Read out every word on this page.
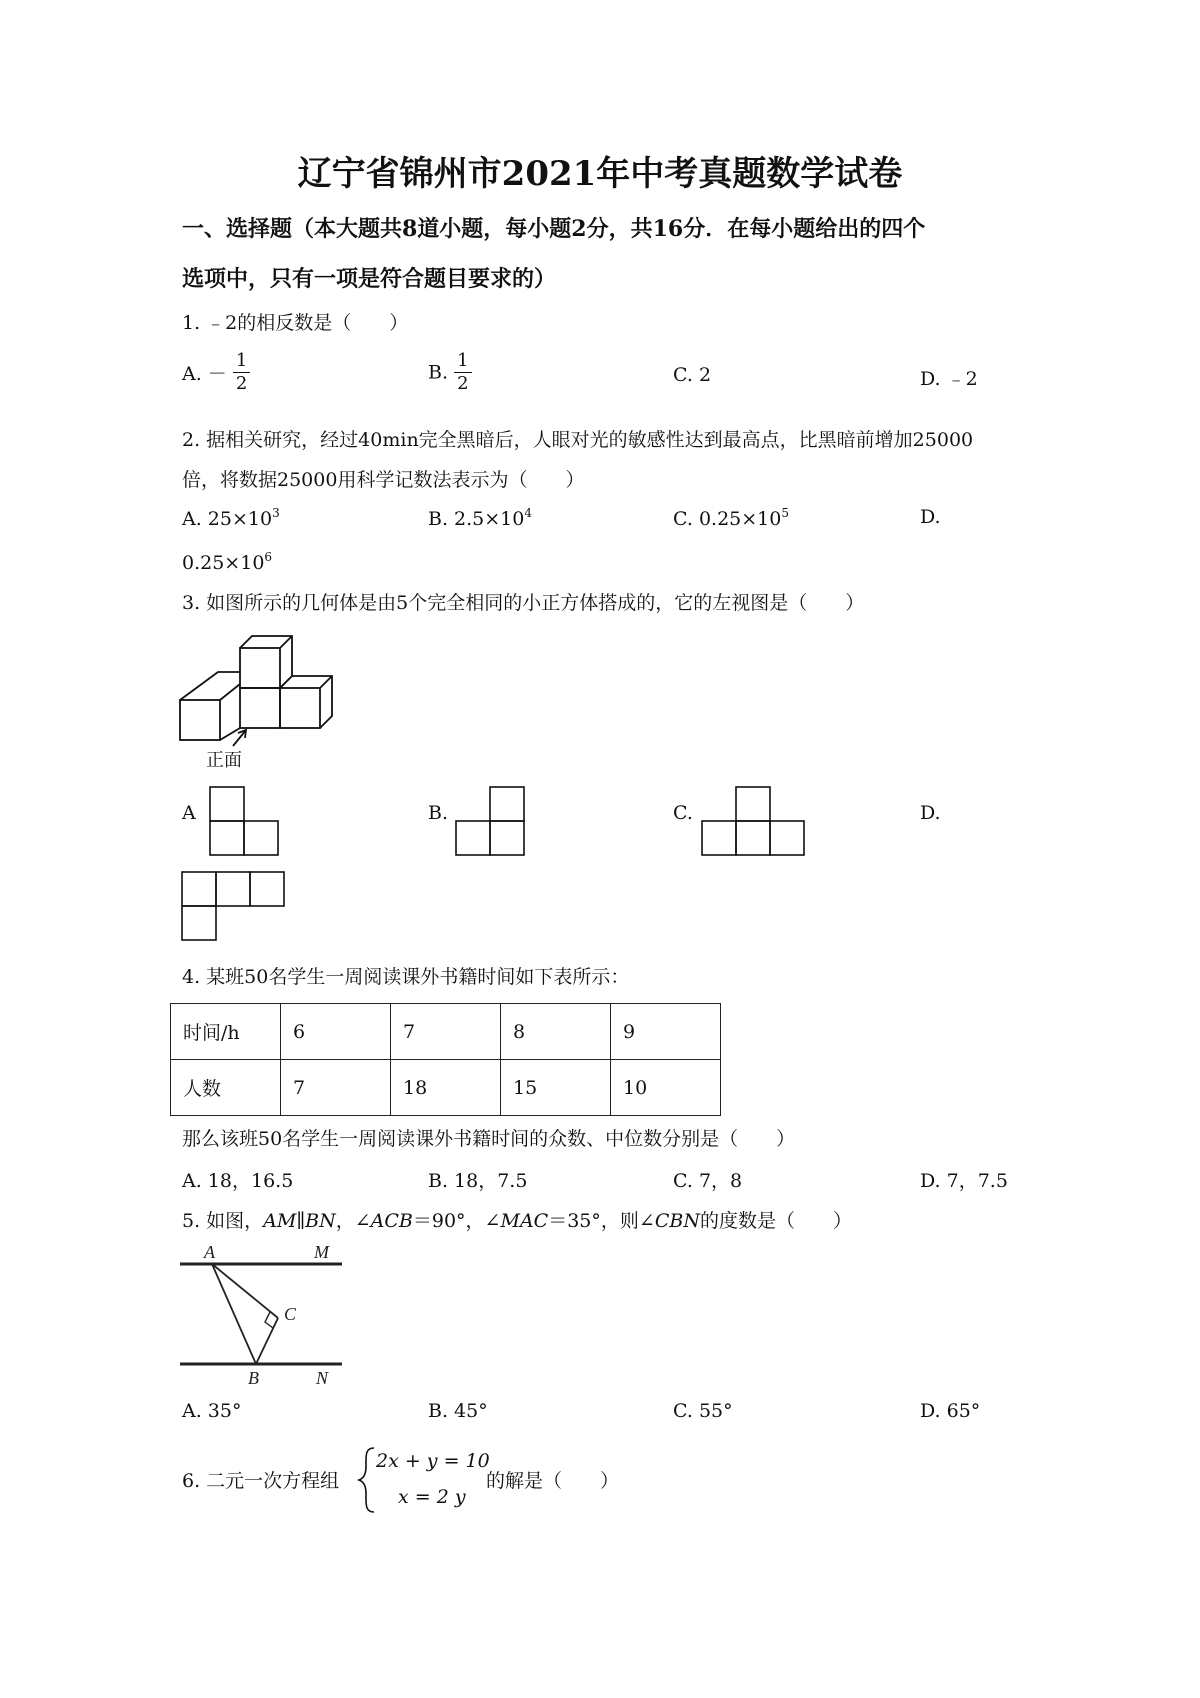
辽宁省锦州市2021年中考真题数学试卷
一、选择题（本大题共8道小题，每小题2分，共16分．在每小题给出的四个
选项中，只有一项是符合题目要求的）
1. ﹣2的相反数是（　　）
A. － $\frac{1}{2}$	B. $\frac{1}{2}$	C. 2	D. ﹣2
2. 据相关研究，经过40min完全黑暗后，人眼对光的敏感性达到最高点，比黑暗前增加25000
倍，将数据25000用科学记数法表示为（　　）
A. $25\times 10^3$	B. $2.5\times 10^4$	C. $0.25\times 10^5$	D.
$0.25\times 10^6$
3. 如图所示的几何体是由5个完全相同的小正方体搭成的，它的左视图是（　　）
正面
A	B.	C.	D.
4. 某班50名学生一周阅读课外书籍时间如下表所示：
时间/h	6	7	8	9
人数	7	18	15	10
那么该班50名学生一周阅读课外书籍时间的众数、中位数分别是（　　）
A. 18，16.5	B. 18，7.5	C. 7，8	D. 7，7.5
5. 如图，AM∥BN，∠ACB＝90°，∠MAC＝35°，则∠CBN的度数是（　　）
A	M
C
B	N
A. 35°	B. 45°	C. 55°	D. 65°
6. 二元一次方程组
2x + y = 10
x = 2 y
的解是（　　）
